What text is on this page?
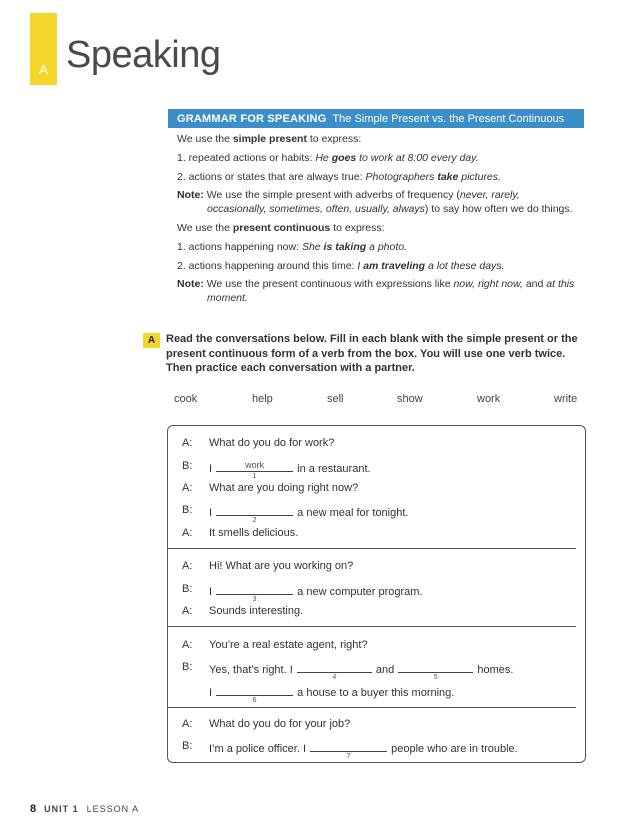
A Speaking
GRAMMAR FOR SPEAKING The Simple Present vs. the Present Continuous
We use the simple present to express:
1. repeated actions or habits: He goes to work at 8:00 every day.
2. actions or states that are always true: Photographers take pictures.
Note: We use the simple present with adverbs of frequency (never, rarely,
occasionally, sometimes, often, usually, always) to say how often we do things.
We use the present continuous to express:
1. actions happening now: She is taking a photo.
2. actions happening around this time: I am traveling a lot these days.
Note: We use the present continuous with expressions like now, right now, and at this
moment.
A Read the conversations below. Fill in each blank with the simple present or the present continuous form of a verb from the box. You will use one verb twice. Then practice each conversation with a partner.
cook	help	sell	show	work	write
A: What do you do for work?
B: I	work
1
in a restaurant.
A: What are you doing right now?
B: I
2
a new meal for tonight.
A: It smells delicious.
A: Hi! What are you working on?
B: I
3
a new computer program.
A: Sounds interesting.
A: You’re a real estate agent, right?
B: Yes, that’s right. I
4
and
5
homes.
I
6
a house to a buyer this morning.
A: What do you do for your job?
B: I’m a police officer. I
7
people who are in trouble.
8 UNIT 1 LESSON A
